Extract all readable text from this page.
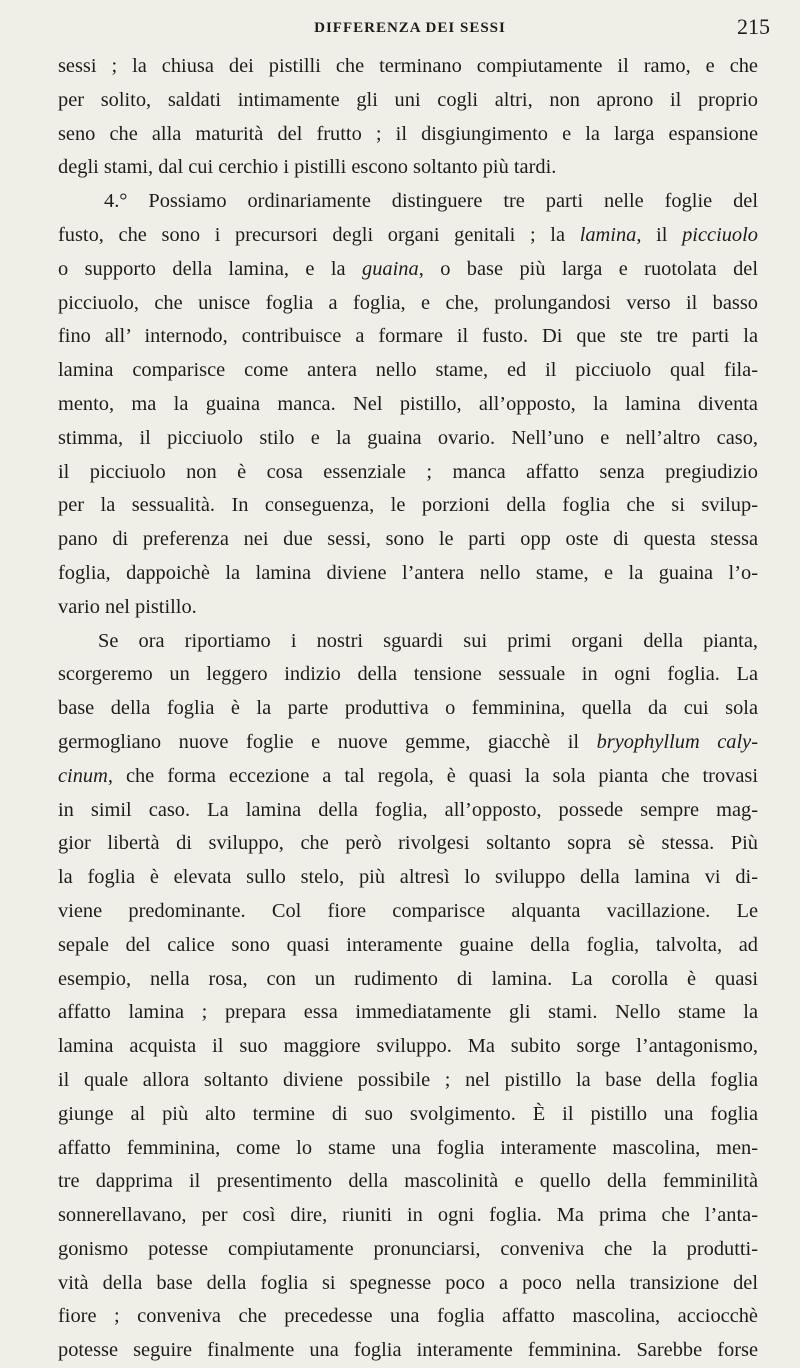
DIFFERENZA DEI SESSI	215
sessi ; la chiusa dei pistilli che terminano compiutamente il ramo, e che
per solito, saldati intimamente gli uni cogli altri, non aprono il proprio
seno che alla maturità del frutto ; il disgiungimento e la larga espansione
degli stami, dal cui cerchio i pistilli escono soltanto più tardi.
4.° Possiamo ordinariamente distinguere tre parti nelle foglie del
fusto, che sono i precursori degli organi genitali ; la lamina, il picciuolo
o supporto della lamina, e la guaina, o base più larga e ruotolata del
picciuolo, che unisce foglia a foglia, e che, prolungandosi verso il basso
fino all’ internodo, contribuisce a formare il fusto. Di que ste tre parti la
lamina comparisce come antera nello stame, ed il picciuolo qual fila-
mento, ma la guaina manca. Nel pistillo, all’opposto, la lamina diventa
stimma, il picciuolo stilo e la guaina ovario. Nell’uno e nell’altro caso,
il picciuolo non è cosa essenziale ; manca affatto senza pregiudizio
per la sessualità. In conseguenza, le porzioni della foglia che si svilup-
pano di preferenza nei due sessi, sono le parti opp oste di questa stessa
foglia, dappoichè la lamina diviene l’antera nello stame, e la guaina l’o-
vario nel pistillo.
Se ora riportiamo i nostri sguardi sui primi organi della pianta,
scorgeremo un leggero indizio della tensione sessuale in ogni foglia. La
base della foglia è la parte produttiva o femminina, quella da cui sola
germogliano nuove foglie e nuove gemme, giacchè il bryophyllum caly-
cinum, che forma eccezione a tal regola, è quasi la sola pianta che trovasi
in simil caso. La lamina della foglia, all’opposto, possede sempre mag-
gior libertà di sviluppo, che però rivolgesi soltanto sopra sè stessa. Più
la foglia è elevata sullo stelo, più altresì lo sviluppo della lamina vi di-
viene predominante. Col fiore comparisce alquanta vacillazione. Le
sepale del calice sono quasi interamente guaine della foglia, talvolta, ad
esempio, nella rosa, con un rudimento di lamina. La corolla è quasi
affatto lamina ; prepara essa immediatamente gli stami. Nello stame la
lamina acquista il suo maggiore sviluppo. Ma subito sorge l’antagonismo,
il quale allora soltanto diviene possibile ; nel pistillo la base della foglia
giunge al più alto termine di suo svolgimento. È il pistillo una foglia
affatto femminina, come lo stame una foglia interamente mascolina, men-
tre dapprima il presentimento della mascolinità e quello della femminilità
sonnerellavano, per così dire, riuniti in ogni foglia. Ma prima che l’anta-
gonismo potesse compiutamente pronunciarsi, conveniva che la produtti-
vità della base della foglia si spegnesse poco a poco nella transizione del
fiore ; conveniva che precedesse una foglia affatto mascolina, acciocchè
potesse seguire finalmente una foglia interamente femminina. Sarebbe forse
